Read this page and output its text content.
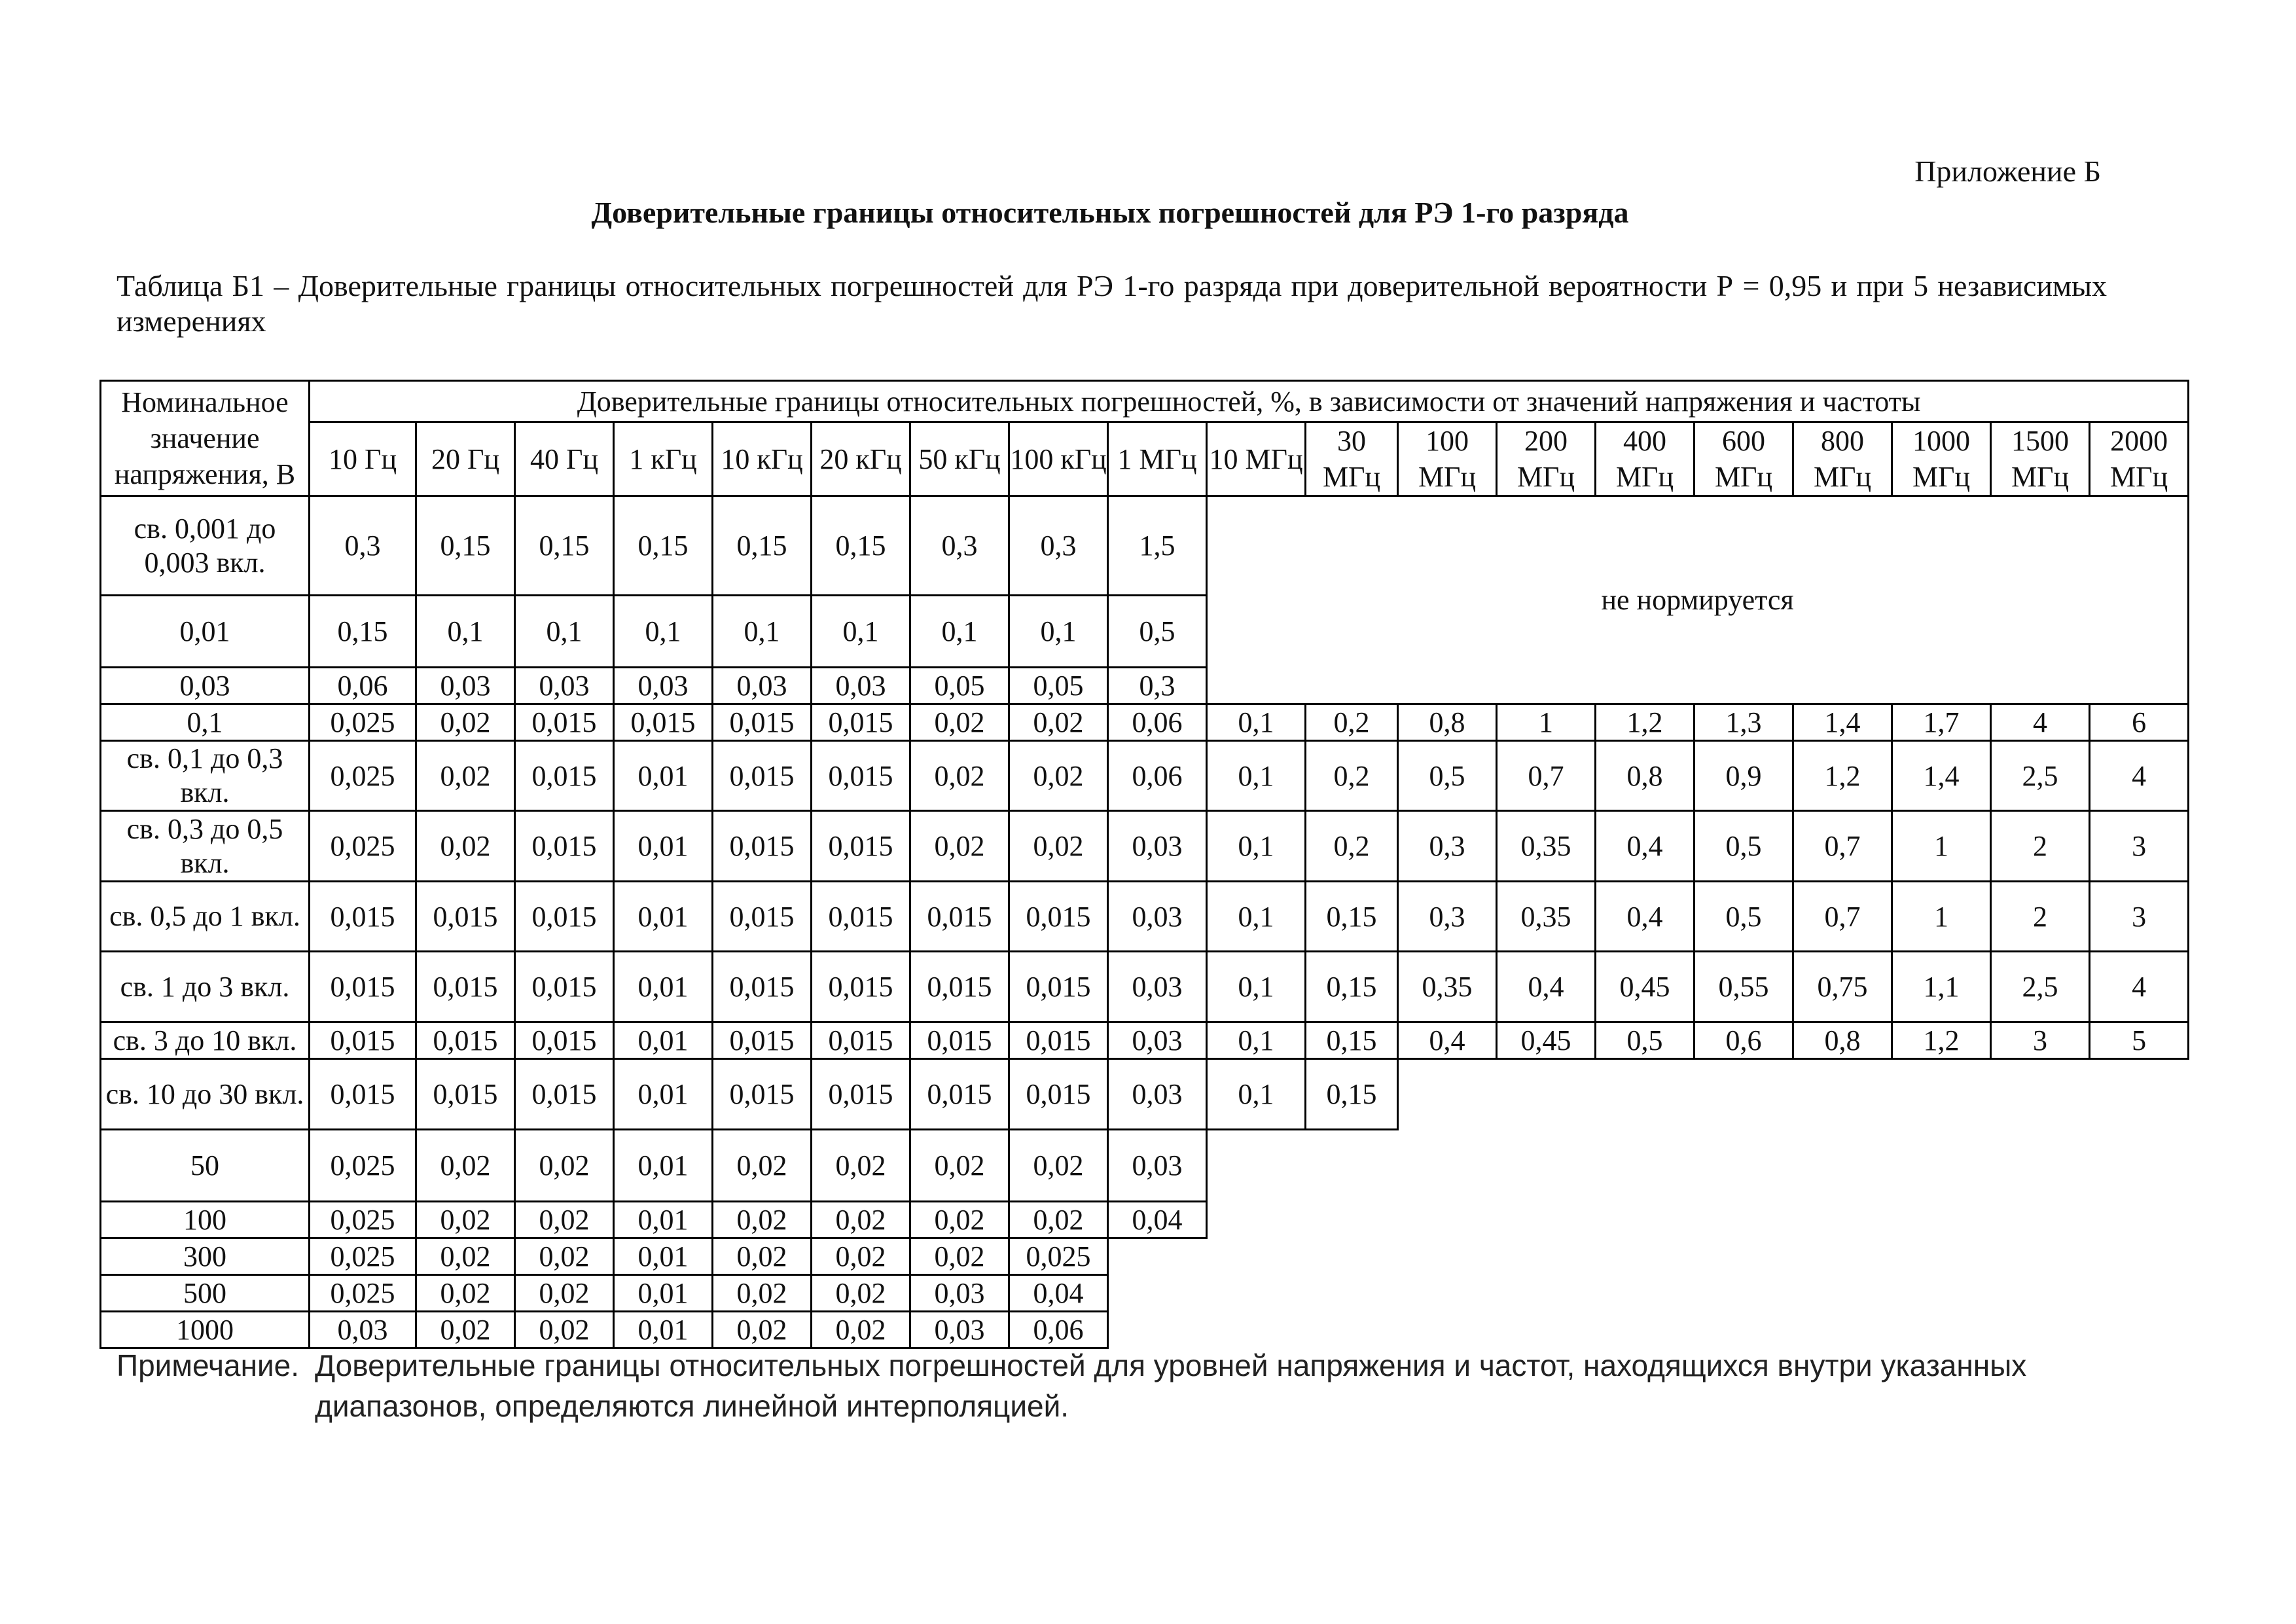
Приложение Б
Доверительные границы относительных погрешностей для РЭ 1-го разряда
Таблица Б1 – Доверительные границы относительных погрешностей для РЭ 1-го разряда при доверительной вероятности Р = 0,95 и при 5 независимых измерениях
Номинальное значение напряжения, В	Доверительные границы относительных погрешностей, %, в зависимости от значений напряжения и частоты																		
	10 Гц	20 Гц	40 Гц	1 кГц	10 кГц	20 кГц	50 кГц	100 кГц	1 МГц	10 МГц	30 МГц	100 МГц	200 МГц	400 МГц	600 МГц	800 МГц	1000 МГц	1500 МГц	2000 МГц
св. 0,001 до 0,003 вкл.	0,3	0,15	0,15	0,15	0,15	0,15	0,3	0,3	1,5	не нормируется									
0,01	0,15	0,1	0,1	0,1	0,1	0,1	0,1	0,1	0,5										
0,03	0,06	0,03	0,03	0,03	0,03	0,03	0,05	0,05	0,3										
0,1	0,025	0,02	0,015	0,015	0,015	0,015	0,02	0,02	0,06	0,1	0,2	0,8	1	1,2	1,3	1,4	1,7	4	6
св. 0,1 до 0,3 вкл.	0,025	0,02	0,015	0,01	0,015	0,015	0,02	0,02	0,06	0,1	0,2	0,5	0,7	0,8	0,9	1,2	1,4	2,5	4
св. 0,3 до 0,5 вкл.	0,025	0,02	0,015	0,01	0,015	0,015	0,02	0,02	0,03	0,1	0,2	0,3	0,35	0,4	0,5	0,7	1	2	3
св. 0,5 до 1 вкл.	0,015	0,015	0,015	0,01	0,015	0,015	0,015	0,015	0,03	0,1	0,15	0,3	0,35	0,4	0,5	0,7	1	2	3
св. 1 до 3 вкл.	0,015	0,015	0,015	0,01	0,015	0,015	0,015	0,015	0,03	0,1	0,15	0,35	0,4	0,45	0,55	0,75	1,1	2,5	4
св. 3 до 10 вкл.	0,015	0,015	0,015	0,01	0,015	0,015	0,015	0,015	0,03	0,1	0,15	0,4	0,45	0,5	0,6	0,8	1,2	3	5
св. 10 до 30 вкл.	0,015	0,015	0,015	0,01	0,015	0,015	0,015	0,015	0,03	0,1	0,15								
50	0,025	0,02	0,02	0,01	0,02	0,02	0,02	0,02	0,03										
100	0,025	0,02	0,02	0,01	0,02	0,02	0,02	0,02	0,04										
300	0,025	0,02	0,02	0,01	0,02	0,02	0,02	0,025											
500	0,025	0,02	0,02	0,01	0,02	0,02	0,03	0,04											
1000	0,03	0,02	0,02	0,01	0,02	0,02	0,03	0,06											
Примечание. Доверительные границы относительных погрешностей для уровней напряжения и частот, находящихся внутри указанных
диапазонов, определяются линейной интерполяцией.
